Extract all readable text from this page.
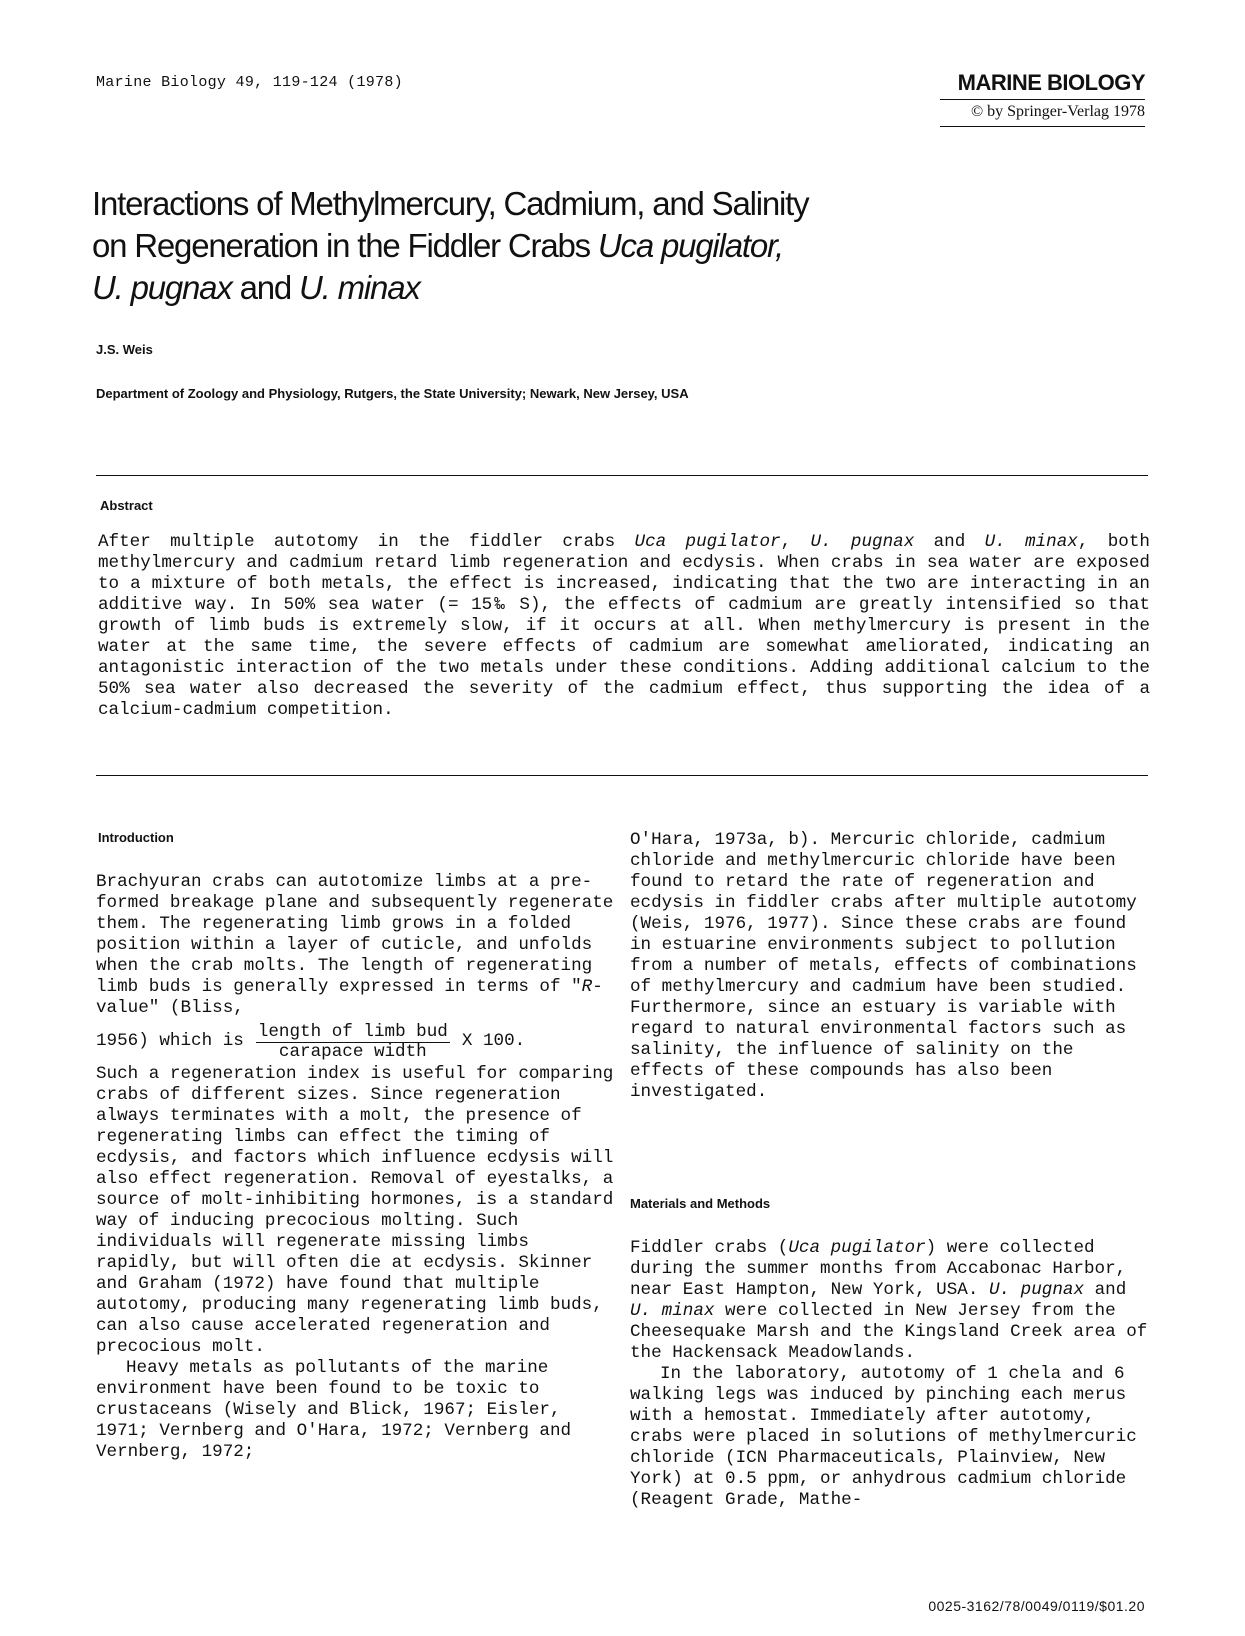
Marine Biology 49, 119-124 (1978)	MARINE BIOLOGY
© by Springer-Verlag 1978
Interactions of Methylmercury, Cadmium, and Salinity
on Regeneration in the Fiddler Crabs Uca pugilator,
U. pugnax and U. minax
J.S. Weis
Department of Zoology and Physiology, Rutgers, the State University; Newark, New Jersey, USA
Abstract

After multiple autotomy in the fiddler crabs Uca pugilator, U. pugnax and U. minax, both methylmercury and cadmium retard limb regeneration and ecdysis. When crabs in sea water are exposed to a mixture of both metals, the effect is increased, indicating that the two are interacting in an additive way. In 50% sea water (= 15‰ S), the effects of cadmium are greatly intensified so that growth of limb buds is extremely slow, if it occurs at all. When methylmercury is present in the water at the same time, the severe effects of cadmium are somewhat ameliorated, indicating an antagonistic interaction of the two metals under these conditions. Adding additional calcium to the 50% sea water also decreased the severity of the cadmium effect, thus supporting the idea of a calcium-cadmium competition.

Introduction

Brachyuran crabs can autotomize limbs at a pre-formed breakage plane and subsequently regenerate them. The regenerating limb grows in a folded position within a layer of cuticle, and unfolds when the crab molts. The length of regenerating limb buds is generally expressed in terms of "R-value" (Bliss,

1956) which is $\frac{\text{length of limb bud}}{\text{carapace width}}$ X 100.

Such a regeneration index is useful for comparing crabs of different sizes. Since regeneration always terminates with a molt, the presence of regenerating limbs can effect the timing of ecdysis, and factors which influence ecdysis will also effect regeneration. Removal of eyestalks, a source of molt-inhibiting hormones, is a standard way of inducing precocious molting. Such individuals will regenerate missing limbs rapidly, but will often die at ecdysis. Skinner and Graham (1972) have found that multiple autotomy, producing many regenerating limb buds, can also cause accelerated regeneration and precocious molt.

Heavy metals as pollutants of the marine environment have been found to be toxic to crustaceans (Wisely and Blick, 1967; Eisler, 1971; Vernberg and O'Hara, 1972; Vernberg and Vernberg, 1972;

O'Hara, 1973a, b). Mercuric chloride, cadmium chloride and methylmercuric chloride have been found to retard the rate of regeneration and ecdysis in fiddler crabs after multiple autotomy (Weis, 1976, 1977). Since these crabs are found in estuarine environments subject to pollution from a number of metals, effects of combinations of methylmercury and cadmium have been studied. Furthermore, since an estuary is variable with regard to natural environmental factors such as salinity, the influence of salinity on the effects of these compounds has also been investigated.

Materials and Methods

Fiddler crabs (Uca pugilator) were collected during the summer months from Accabonac Harbor, near East Hampton, New York, USA. U. pugnax and U. minax were collected in New Jersey from the Cheesequake Marsh and the Kingsland Creek area of the Hackensack Meadowlands.

In the laboratory, autotomy of 1 chela and 6 walking legs was induced by pinching each merus with a hemostat. Immediately after autotomy, crabs were placed in solutions of methylmercuric chloride (ICN Pharmaceuticals, Plainview, New York) at 0.5 ppm, or anhydrous cadmium chloride (Reagent Grade, Mathe-

0025-3162/78/0049/0119/$01.20
